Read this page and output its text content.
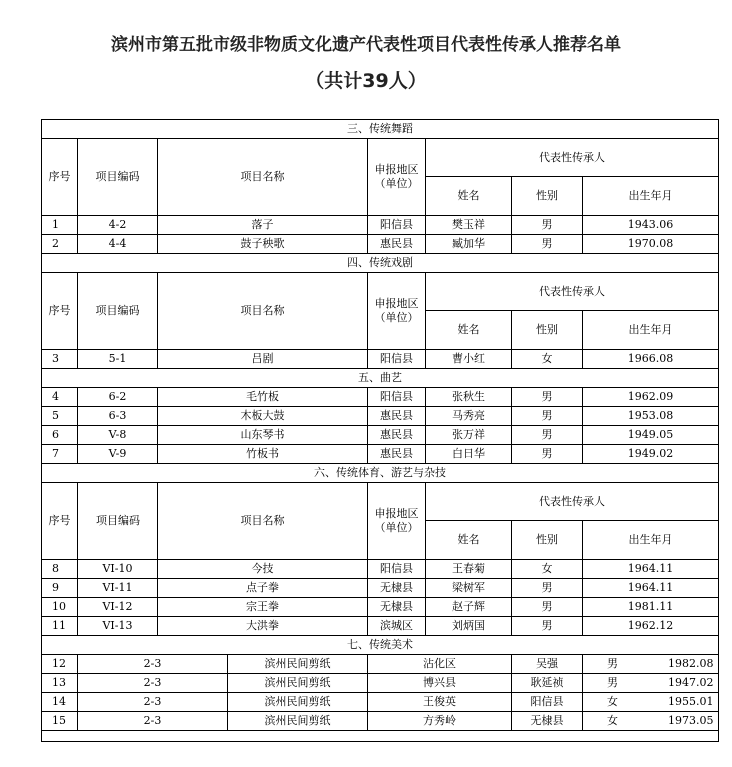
滨州市第五批市级非物质文化遗产代表性项目代表性传承人推荐名单
（共计39人）
三、传统舞蹈							
序号	项目编码	项目名称		申报地区（单位）	代表性传承人		
					姓名	性别	出生年月
1	4-2	落子		阳信县	樊玉祥	男	1943.06
2	4-4	鼓子秧歌		惠民县	臧加华	男	1970.08
四、传统戏剧							
序号	项目编码	项目名称		申报地区（单位）	代表性传承人		
					姓名	性别	出生年月
3	5-1	吕剧		阳信县	曹小红	女	1966.08
五、曲艺							
4	6-2	毛竹板		阳信县	张秋生	男	1962.09
5	6-3	木板大鼓		惠民县	马秀亮	男	1953.08
6	V-8	山东琴书		惠民县	张万祥	男	1949.05
7	V-9	竹板书		惠民县	白日华	男	1949.02
六、传统体育、游艺与杂技							
序号	项目编码	项目名称		申报地区（单位）	代表性传承人		
					姓名	性别	出生年月
8	VI-10	今技		阳信县	王春菊	女	1964.11
9	VI-11	点子拳		无棣县	梁树军	男	1964.11
10	VI-12	宗王拳		无棣县	赵子辉	男	1981.11
11	VI-13	大洪拳		滨城区	刘炳国	男	1962.12
七、传统美术							
12	2-3		滨州民间剪纸	沾化区		吴强	男 1982.08
13	2-3		滨州民间剪纸	博兴县		耿延祯	男 1947.02
14	2-3		滨州民间剪纸	王俊英		阳信县	女 1955.01
15	2-3		滨州民间剪纸	方秀岭		无棣县	女 1973.05
